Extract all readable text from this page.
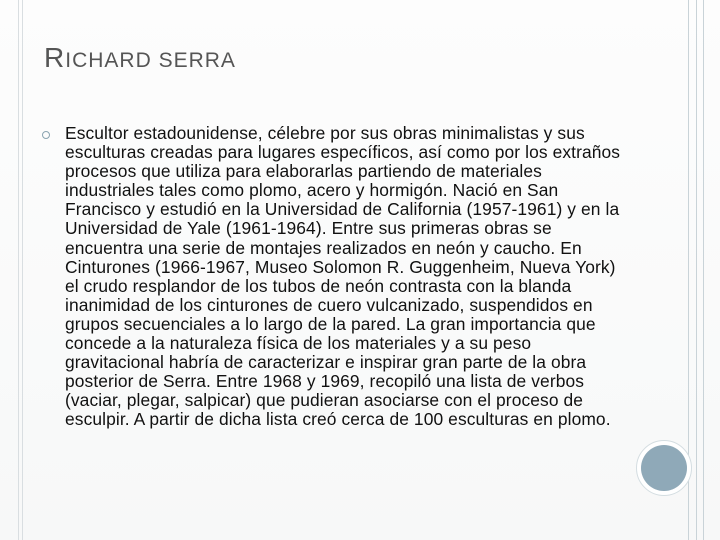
RICHARD SERRA

Escultor estadounidense, célebre por sus obras minimalistas y sus esculturas creadas para lugares específicos, así como por los extraños procesos que utiliza para elaborarlas partiendo de materiales industriales tales como plomo, acero y hormigón. Nació en San Francisco y estudió en la Universidad de California (1957-1961) y en la Universidad de Yale (1961-1964). Entre sus primeras obras se encuentra una serie de montajes realizados en neón y caucho. En Cinturones (1966-1967, Museo Solomon R. Guggenheim, Nueva York) el crudo resplandor de los tubos de neón contrasta con la blanda inanimidad de los cinturones de cuero vulcanizado, suspendidos en grupos secuenciales a lo largo de la pared. La gran importancia que concede a la naturaleza física de los materiales y a su peso gravitacional habría de caracterizar e inspirar gran parte de la obra posterior de Serra. Entre 1968 y 1969, recopiló una lista de verbos (vaciar, plegar, salpicar) que pudieran asociarse con el proceso de esculpir. A partir de dicha lista creó cerca de 100 esculturas en plomo.
